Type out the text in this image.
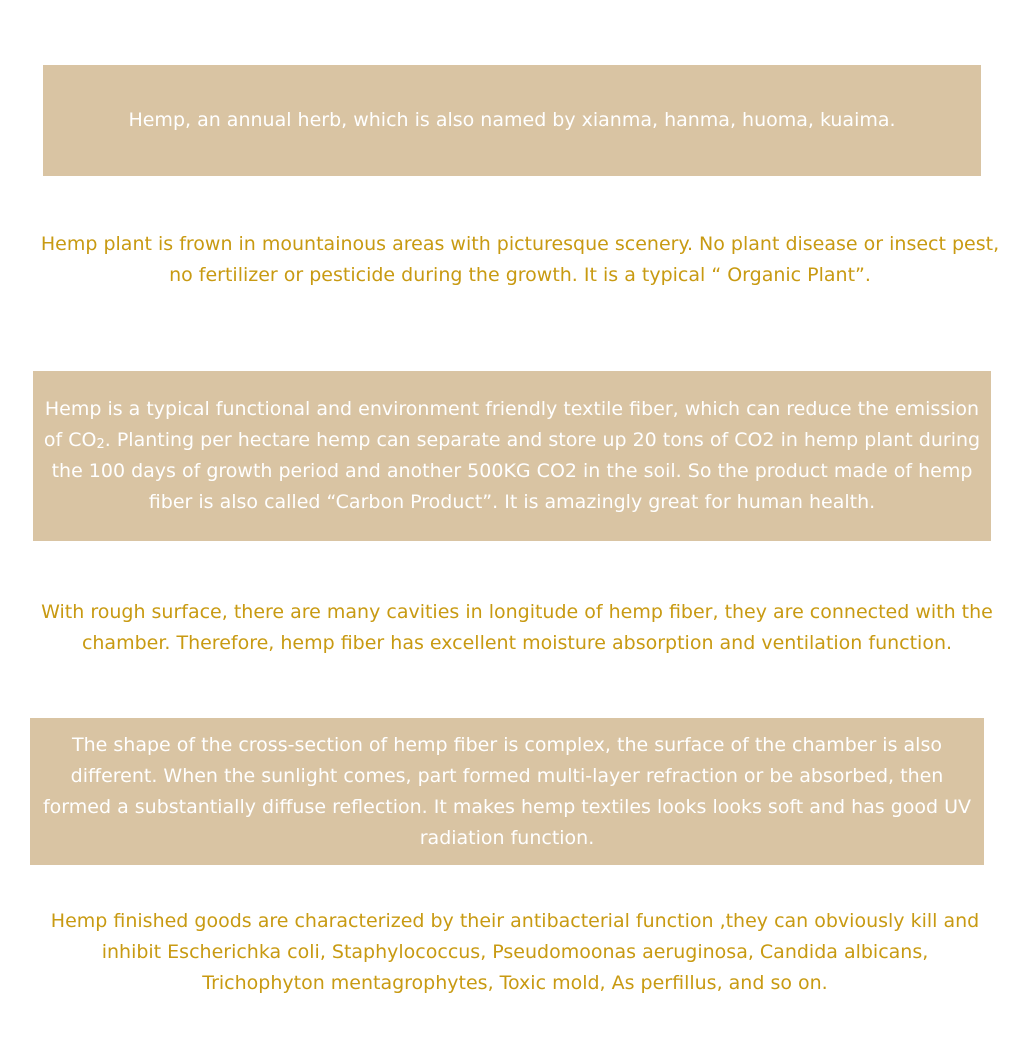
Hemp, an annual herb, which is also named by xianma, hanma, huoma, kuaima.

Hemp plant is frown in mountainous areas with picturesque scenery. No plant disease or insect pest, no fertilizer or pesticide during the growth. It is a typical “ Organic Plant”.

Hemp is a typical functional and environment friendly textile fiber, which can reduce the emission of $CO_2$. Planting per hectare hemp can separate and store up 20 tons of CO2 in hemp plant during the 100 days of growth period and another 500KG CO2 in the soil. So the product made of hemp fiber is also called “Carbon Product”. It is amazingly great for human health.

With rough surface, there are many cavities in longitude of hemp fiber, they are connected with the chamber. Therefore, hemp fiber has excellent moisture absorption and ventilation function.

The shape of the cross-section of hemp fiber is complex, the surface of the chamber is also different. When the sunlight comes, part formed multi-layer refraction or be absorbed, then formed a substantially diffuse reflection. It makes hemp textiles looks looks soft and has good UV radiation function.

Hemp finished goods are characterized by their antibacterial function ,they can obviously kill and inhibit Escherichka coli, Staphylococcus, Pseudomoonas aeruginosa, Candida albicans, Trichophyton mentagrophytes, Toxic mold, As perfillus, and so on.
